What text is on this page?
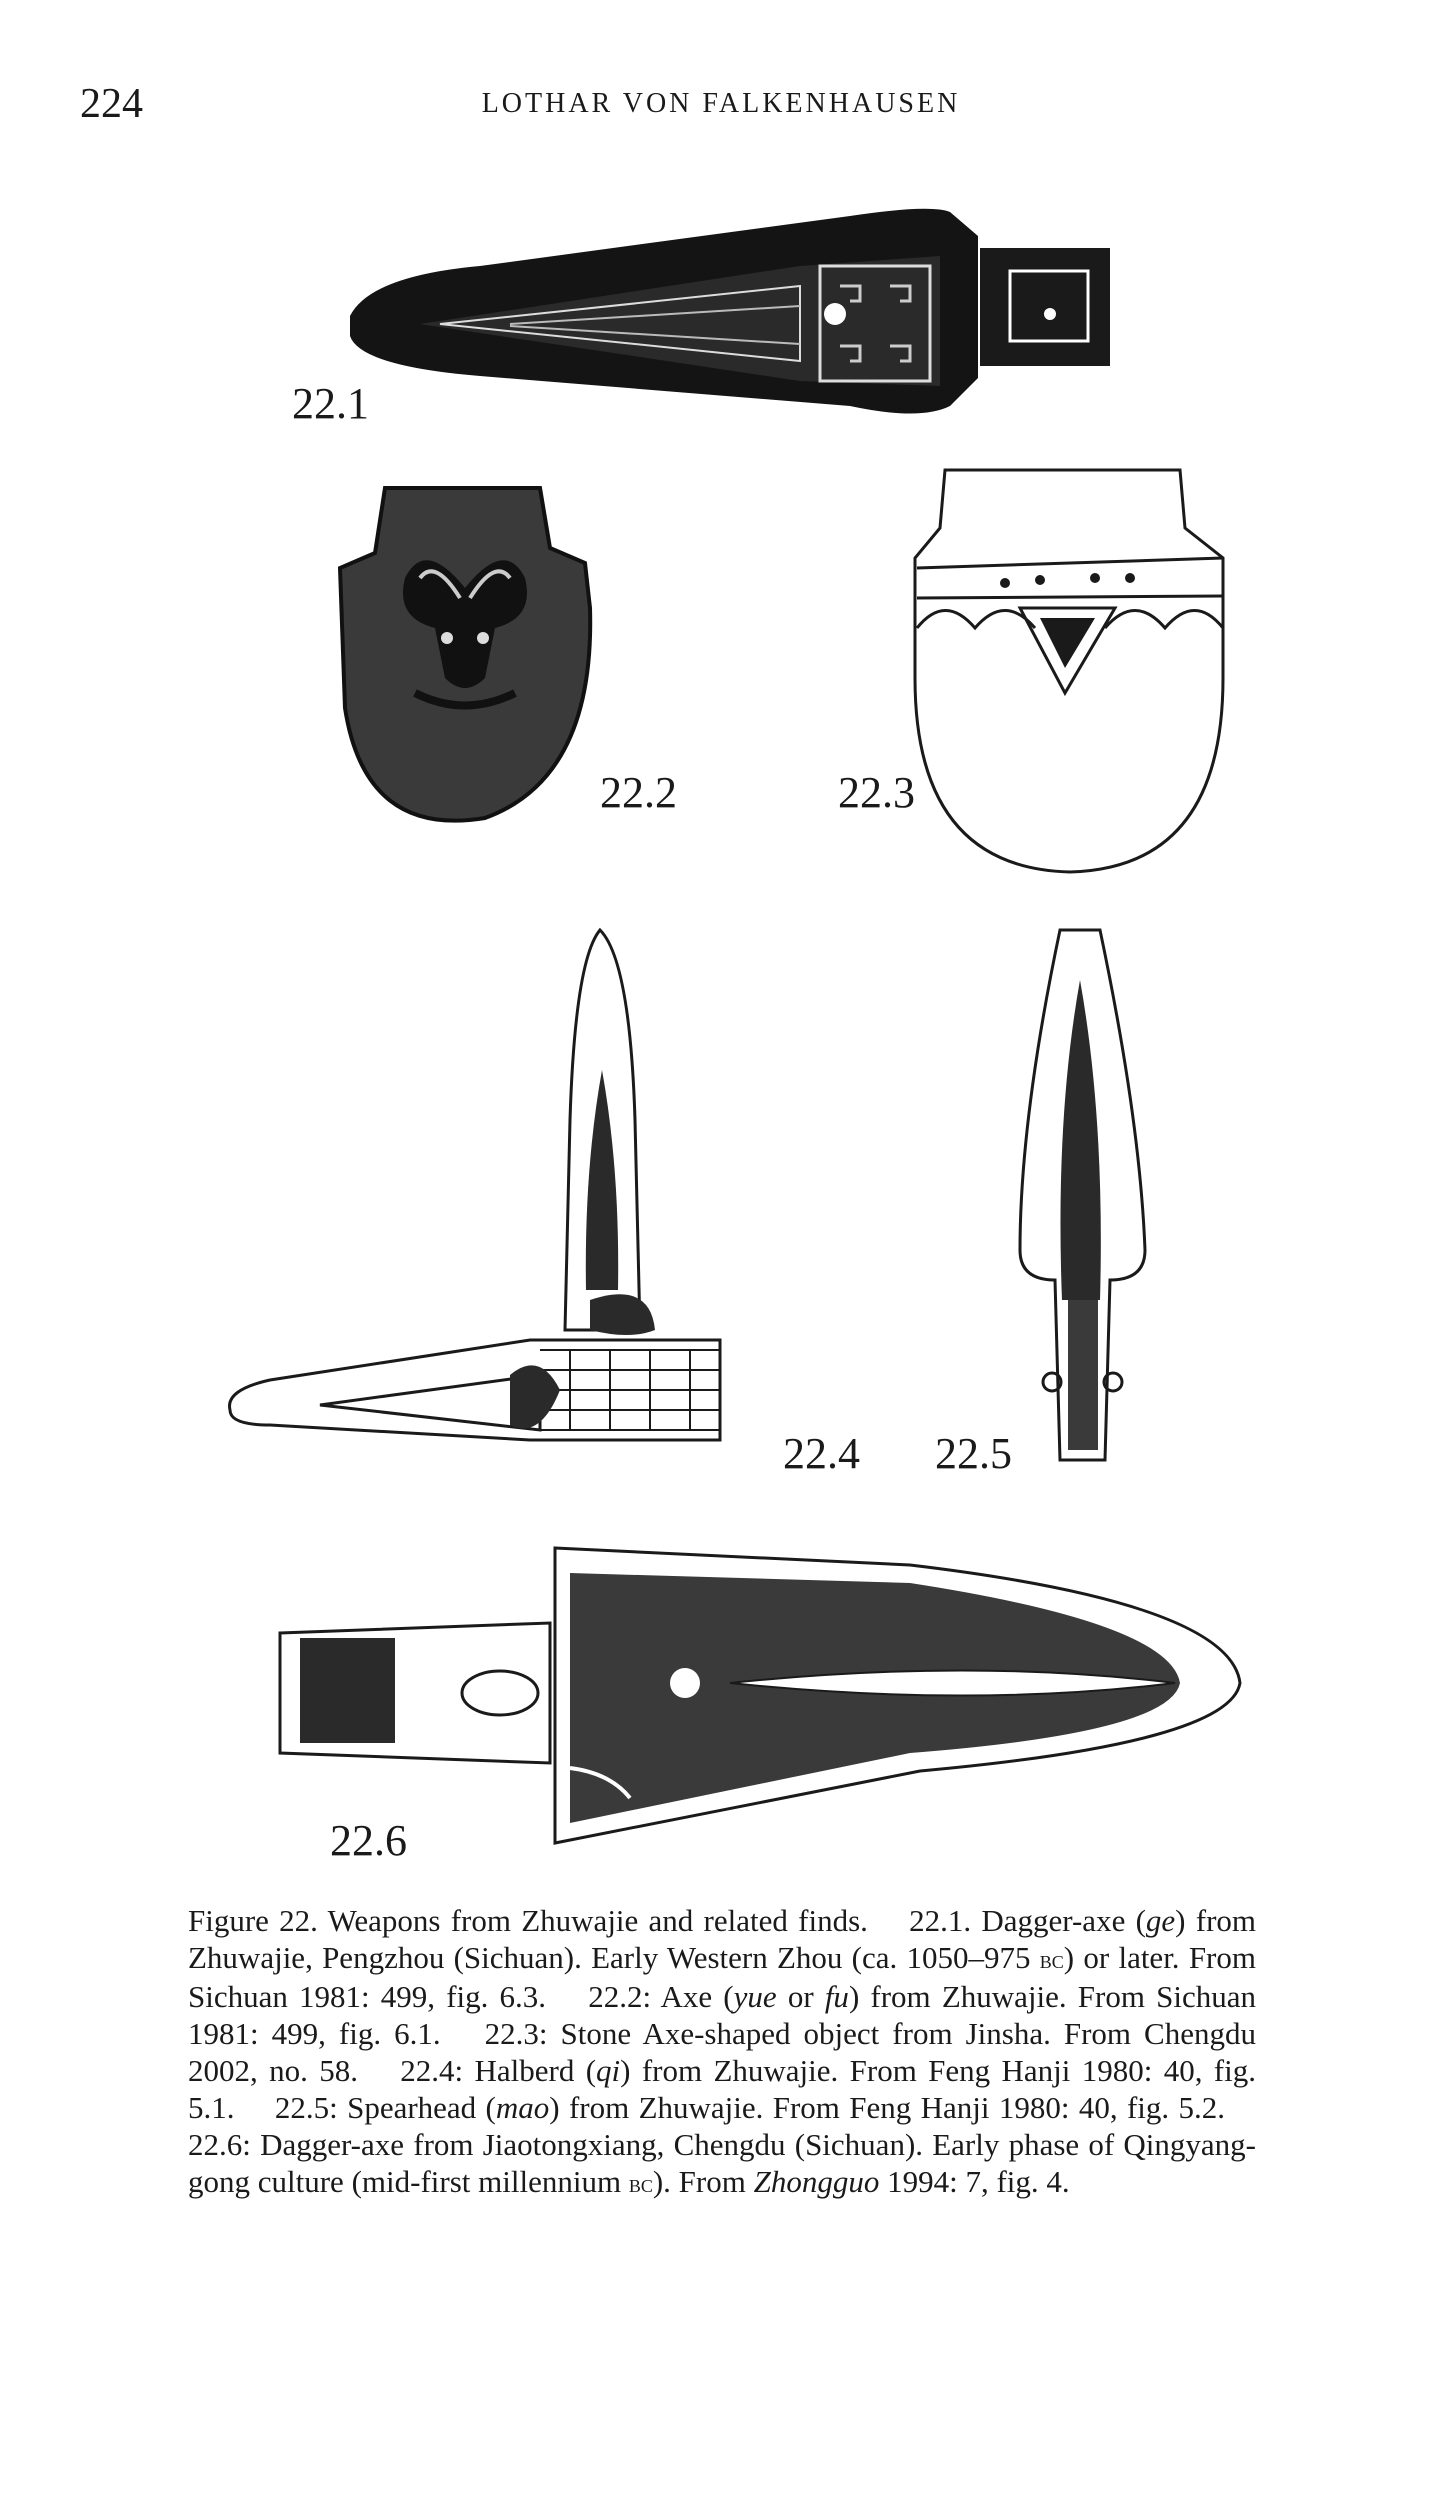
224	LOTHAR VON FALKENHAUSEN
22.1
22.2	22.3
22.4 22.5
22.6
Figure 22. Weapons from Zhuwajie and related finds.  22.1. Dagger-axe (ge) from Zhuwajie, Pengzhou (Sichuan). Early Western Zhou (ca. 1050–975 bc) or later. From Sichuan 1981: 499, fig. 6.3.  22.2: Axe (yue or fu) from Zhuwajie. From Sichuan 1981: 499, fig. 6.1.  22.3: Stone Axe-shaped object from Jinsha. From Chengdu 2002, no. 58.  22.4: Halberd (qi) from Zhuwajie. From Feng Hanji 1980: 40, fig. 5.1.  22.5: Spearhead (mao) from Zhuwajie. From Feng Hanji 1980: 40, fig. 5.2.  22.6: Dagger-axe from Jiaotongxiang, Chengdu (Sichuan). Early phase of Qingyang-gong culture (mid-first millennium bc). From Zhongguo 1994: 7, fig. 4.
